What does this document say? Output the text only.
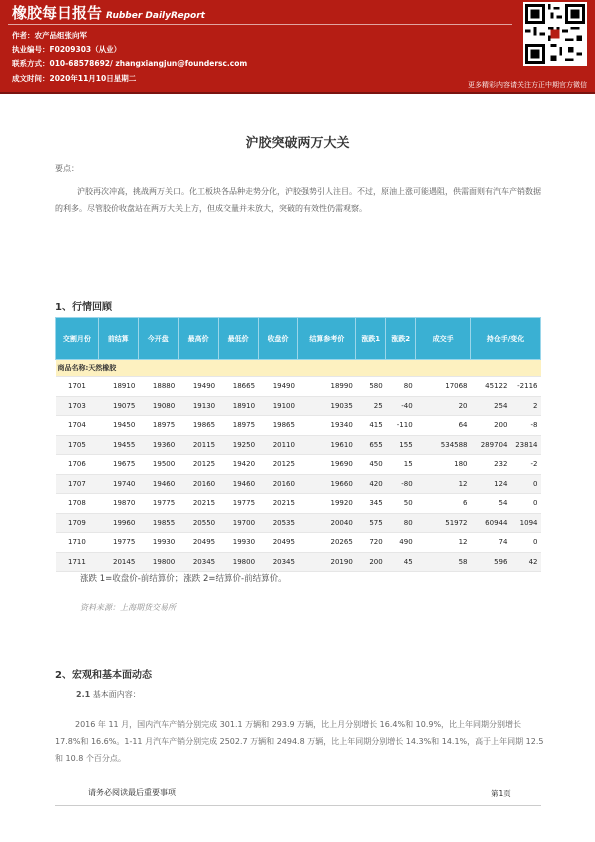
橡胶每日报告 Rubber DailyReport
作者：农产品组张向军
执业编号：F0209303（从业）
联系方式：010-68578692/ zhangxiangjun@foundersc.com
成文时间：2020年11月10日星期二
更多精彩内容请关注方正中期官方微信
沪胶突破两万大关
要点：
沪胶再次冲高，挑战两万关口。化工板块各品种走势分化，沪胶强势引人注目。不过，原油上涨可能遇阻，供需面则有汽车产销数据的利多。尽管胶价收盘站在两万大关上方，但成交量并未放大，突破的有效性仍需观察。
1、行情回顾
交割月份	前结算	今开盘	最高价	最低价	收盘价	结算参考价	涨跌1	涨跌2	成交手	持仓手/变化	
商品名称:天然橡胶											
1701	18910	18880	19490	18665	19490	18990	580	80	17068	45122	-2116
1703	19075	19080	19130	18910	19100	19035	25	-40	20	254	2
1704	19450	18975	19865	18975	19865	19340	415	-110	64	200	-8
1705	19455	19360	20115	19250	20110	19610	655	155	534588	289704	23814
1706	19675	19500	20125	19420	20125	19690	450	15	180	232	-2
1707	19740	19460	20160	19460	20160	19660	420	-80	12	124	0
1708	19870	19775	20215	19775	20215	19920	345	50	6	54	0
1709	19960	19855	20550	19700	20535	20040	575	80	51972	60944	1094
1710	19775	19930	20495	19930	20495	20265	720	490	12	74	0
1711	20145	19800	20345	19800	20345	20190	200	45	58	596	42
涨跌 1=收盘价-前结算价；涨跌 2=结算价-前结算价。
资料来源：上海期货交易所
2、宏观和基本面动态
2.1 基本面内容：
2016 年 11 月，国内汽车产销分别完成 301.1 万辆和 293.9 万辆，比上月分别增长 16.4%和 10.9%，比上年同期分别增长 17.8%和 16.6%。1-11 月汽车产销分别完成 2502.7 万辆和 2494.8 万辆，比上年同期分别增长 14.3%和 14.1%，高于上年同期 12.5 和 10.8 个百分点。
请务必阅读最后重要事项	第1页
